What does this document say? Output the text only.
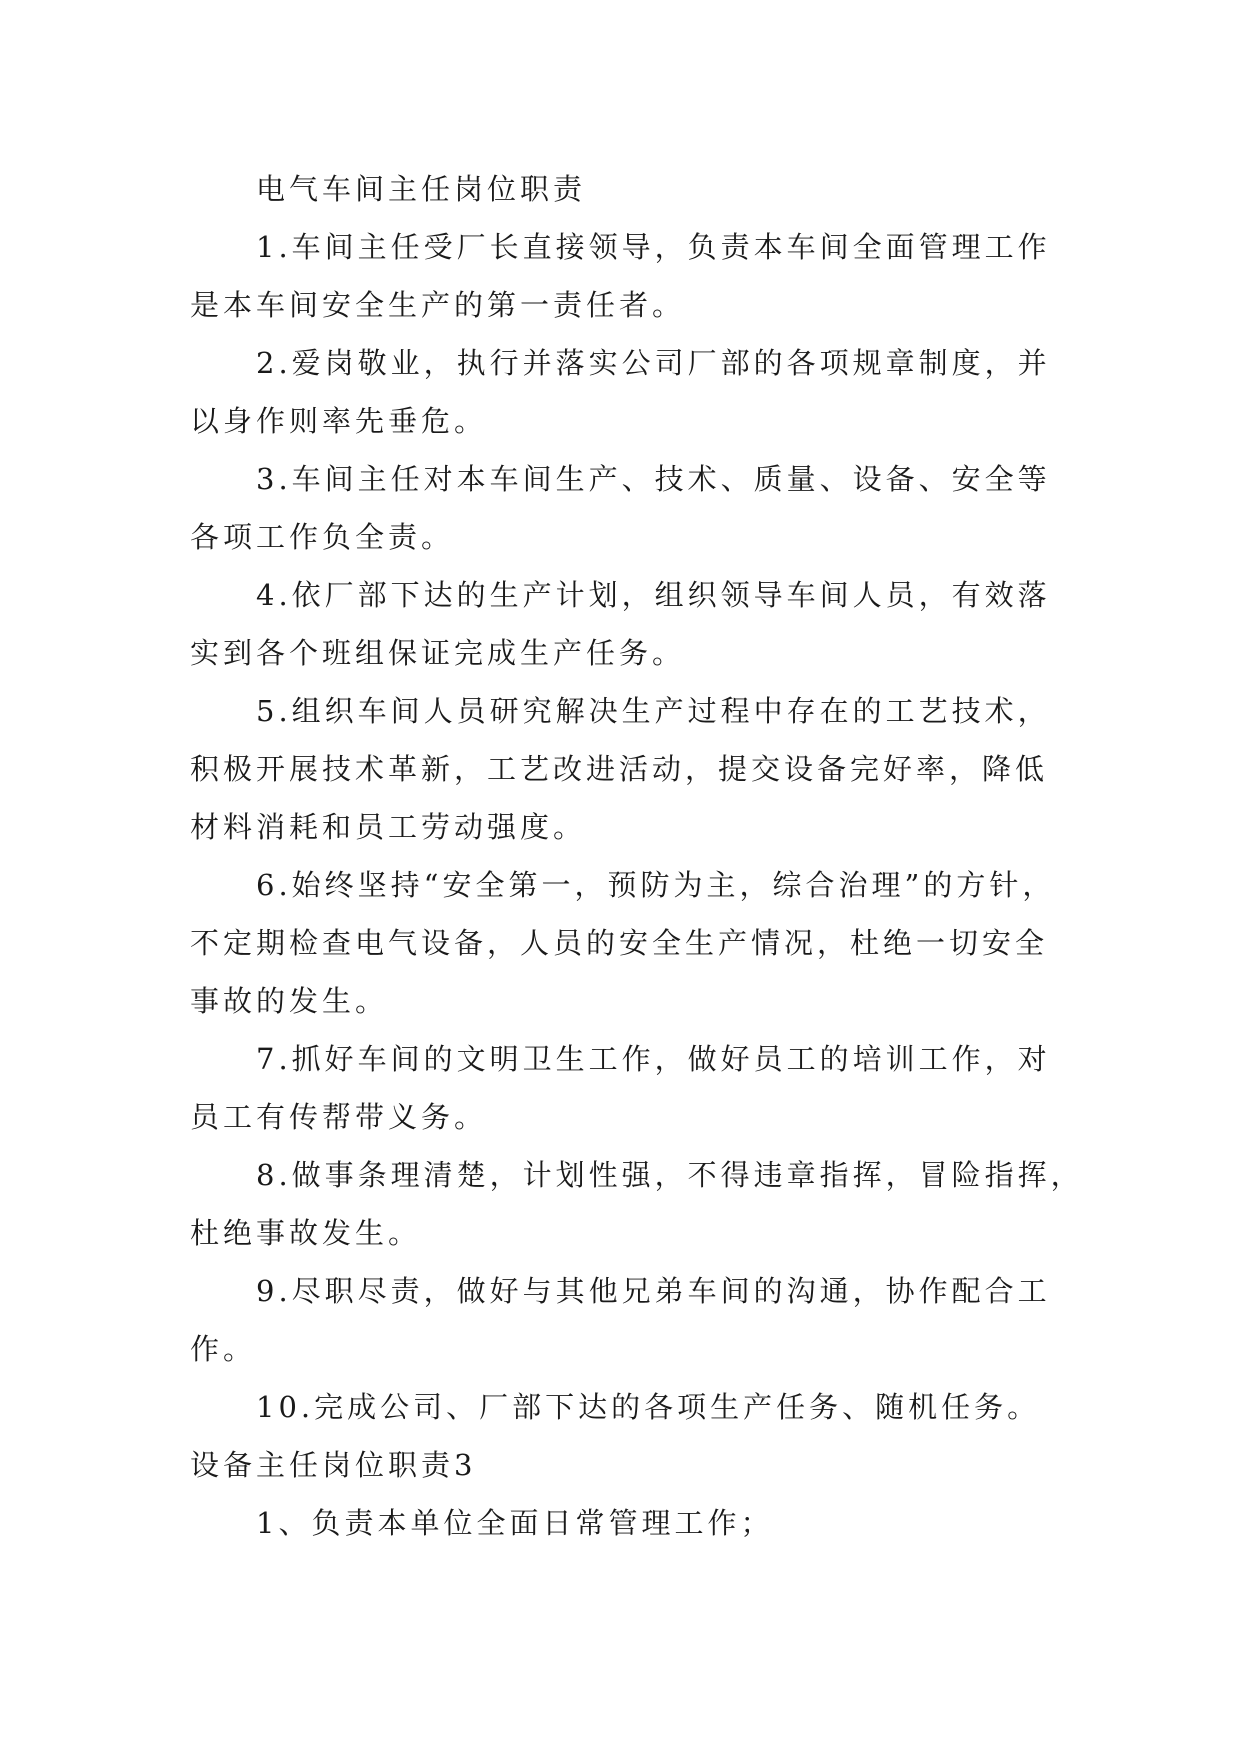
电气车间主任岗位职责
1.车间主任受厂长直接领导，负责本车间全面管理工作
是本车间安全生产的第一责任者。
2.爱岗敬业，执行并落实公司厂部的各项规章制度，并
以身作则率先垂危。
3.车间主任对本车间生产、技术、质量、设备、安全等
各项工作负全责。
4.依厂部下达的生产计划，组织领导车间人员，有效落
实到各个班组保证完成生产任务。
5.组织车间人员研究解决生产过程中存在的工艺技术，
积极开展技术革新，工艺改进活动，提交设备完好率，降低
材料消耗和员工劳动强度。
6.始终坚持“安全第一，预防为主，综合治理”的方针，
不定期检查电气设备，人员的安全生产情况，杜绝一切安全
事故的发生。
7.抓好车间的文明卫生工作，做好员工的培训工作，对
员工有传帮带义务。
8.做事条理清楚，计划性强，不得违章指挥，冒险指挥，
杜绝事故发生。
9.尽职尽责，做好与其他兄弟车间的沟通，协作配合工
作。
10.完成公司、厂部下达的各项生产任务、随机任务。
设备主任岗位职责3
1、负责本单位全面日常管理工作；
